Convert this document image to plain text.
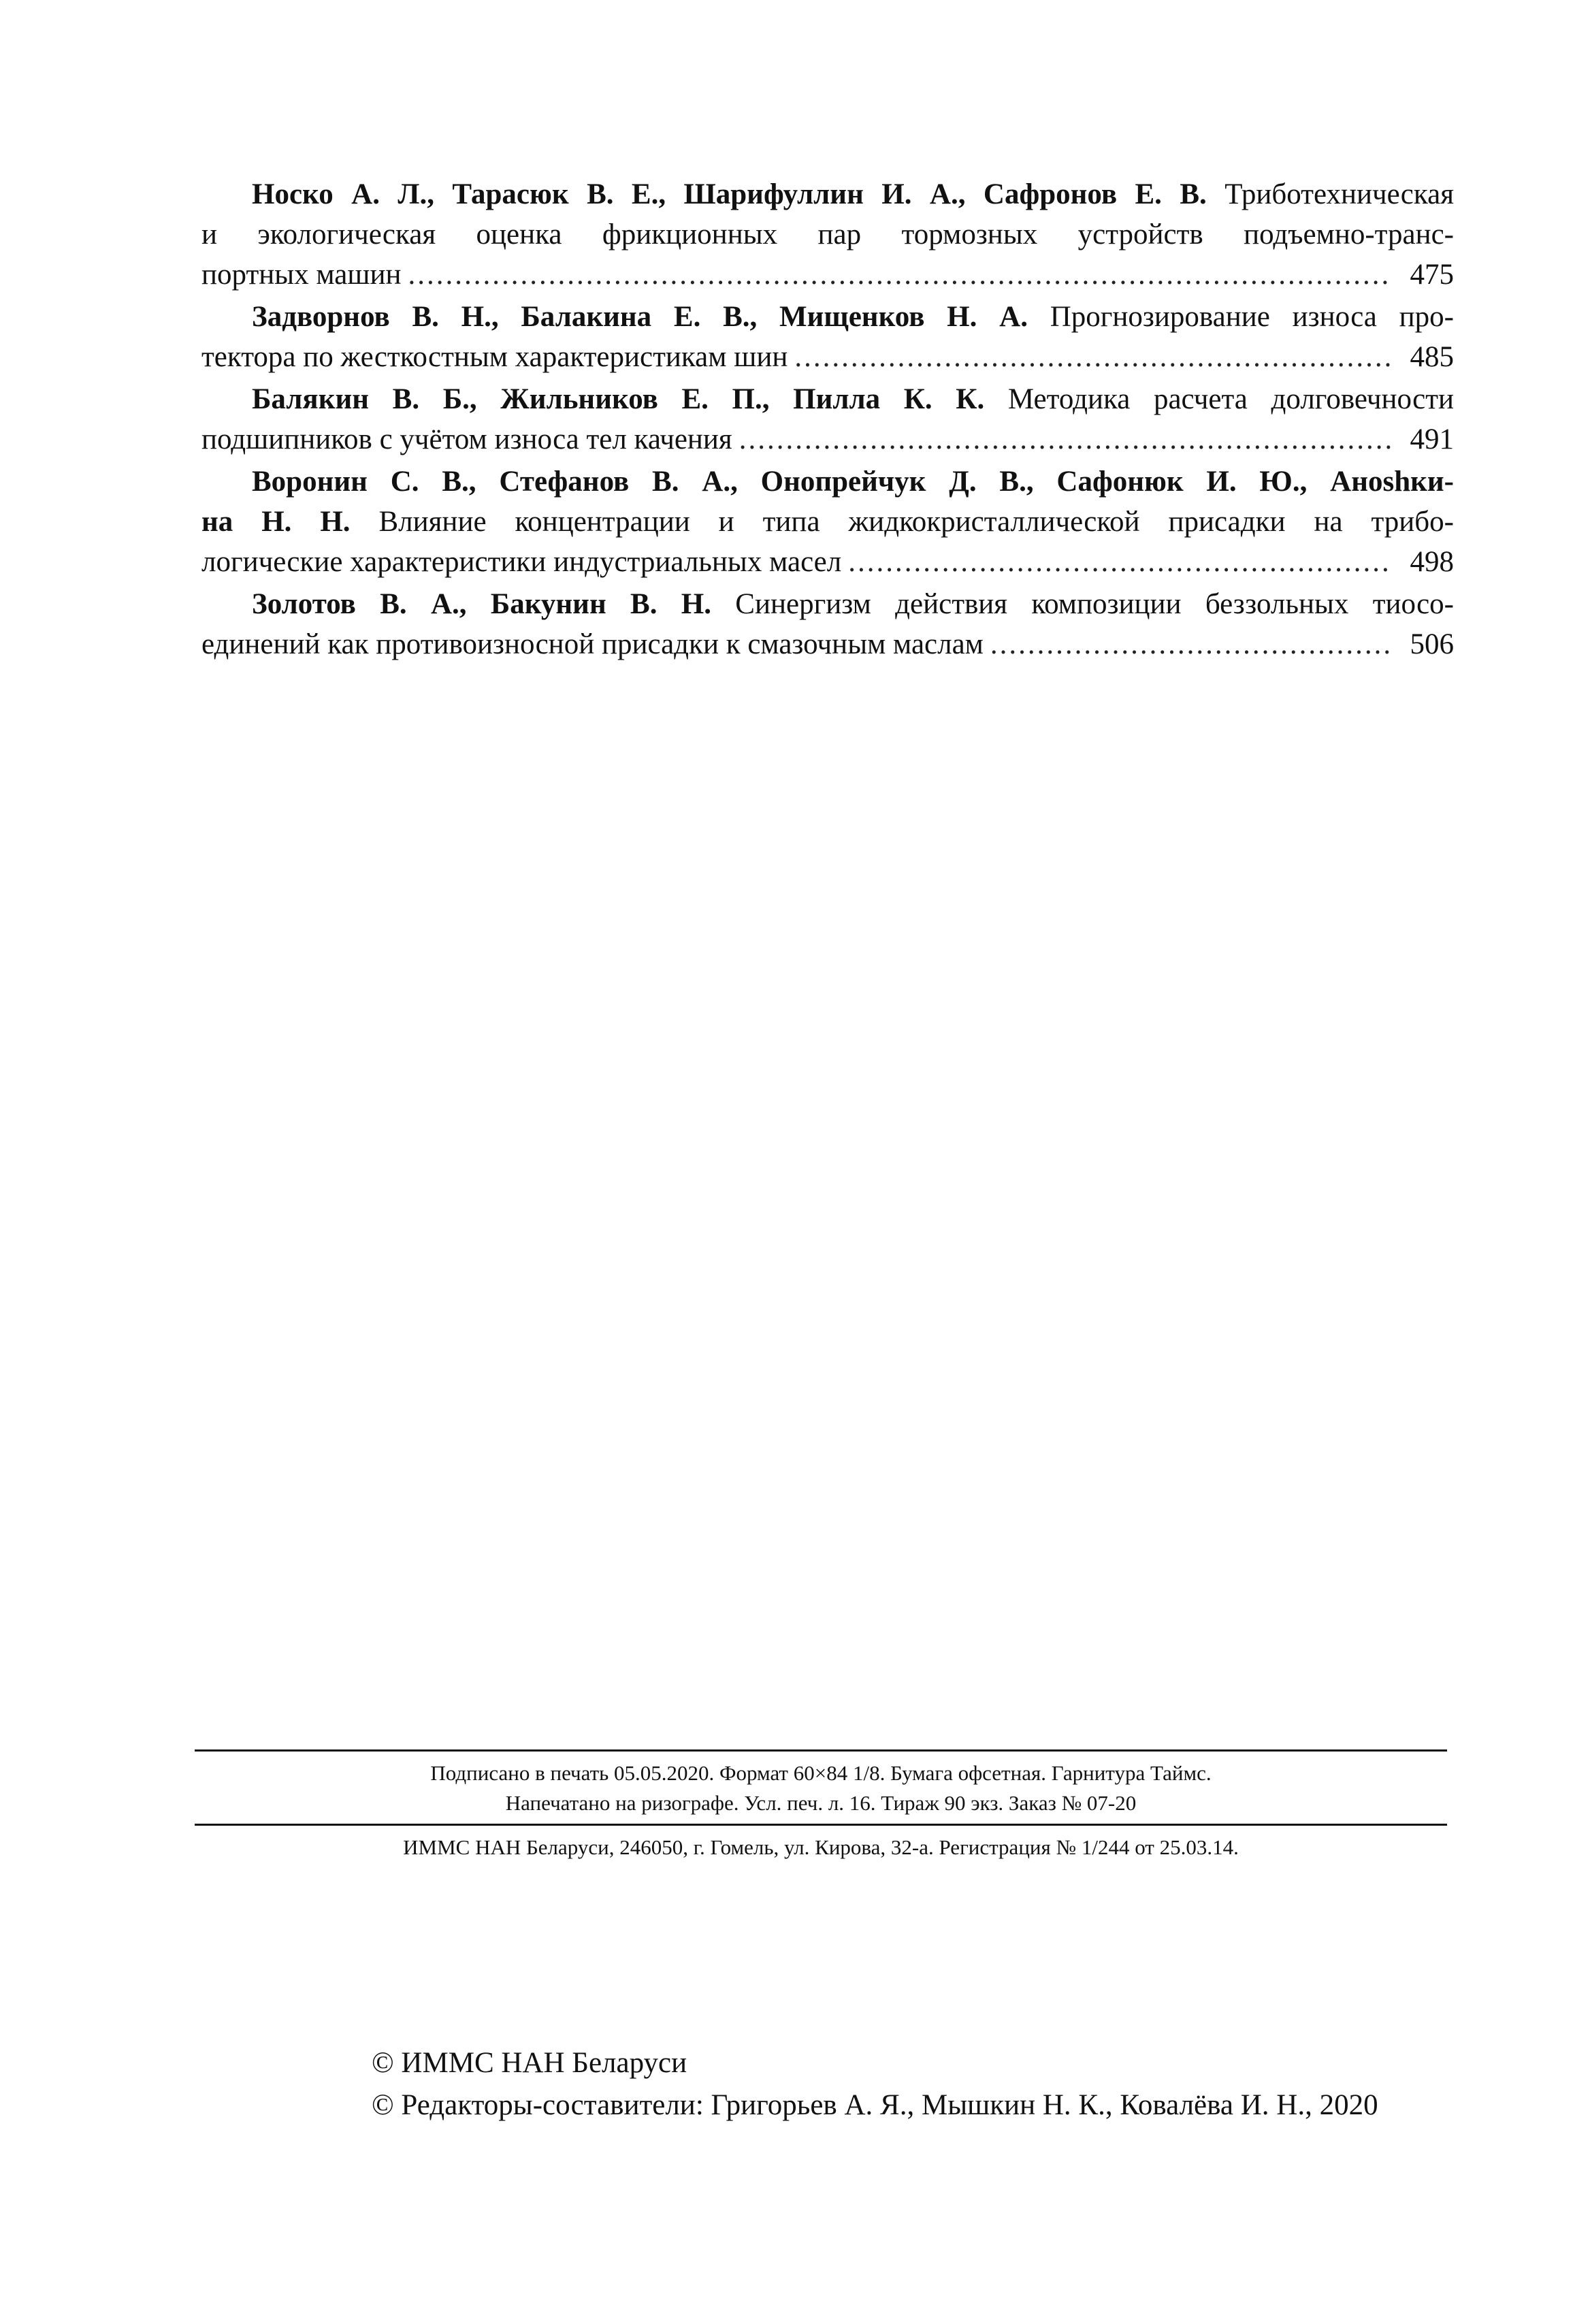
Носко А. Л., Тарасюк В. Е., Шарифуллин И. А., Сафронов Е. В. Триботехническая
и экологическая оценка фрикционных пар тормозных устройств подъемно-транс-
портных машин .....	475
Задворнов В. Н., Балакина Е. В., Мищенков Н. А. Прогнозирование износа про-
тектора по жесткостным характеристикам шин .....	485
Балякин В. Б., Жильников Е. П., Пилла К. К. Методика расчета долговечности
подшипников с учётом износа тел качения .....	491
Воронин С. В., Стефанов В. А., Онопрейчук Д. В., Сафонюк И. Ю., Аноshки-
на Н. Н. Влияние концентрации и типа жидкокристаллической присадки на трибо-
логические характеристики индустриальных масел .....	498
Золотов В. А., Бакунин В. Н. Синергизм действия композиции беззольных тиосо-
единений как противоизносной присадки к смазочным маслам .....	506
Подписано в печать 05.05.2020. Формат 60×84 1/8. Бумага офсетная. Гарнитура Таймс.
Напечатано на ризографе. Усл. печ. л. 16. Тираж 90 экз. Заказ № 07-20
ИММС НАН Беларуси, 246050, г. Гомель, ул. Кирова, 32-а. Регистрация № 1/244 от 25.03.14.
© ИММС НАН Беларуси
© Редакторы-составители: Григорьев А. Я., Мышкин Н. К., Ковалёва И. Н., 2020
